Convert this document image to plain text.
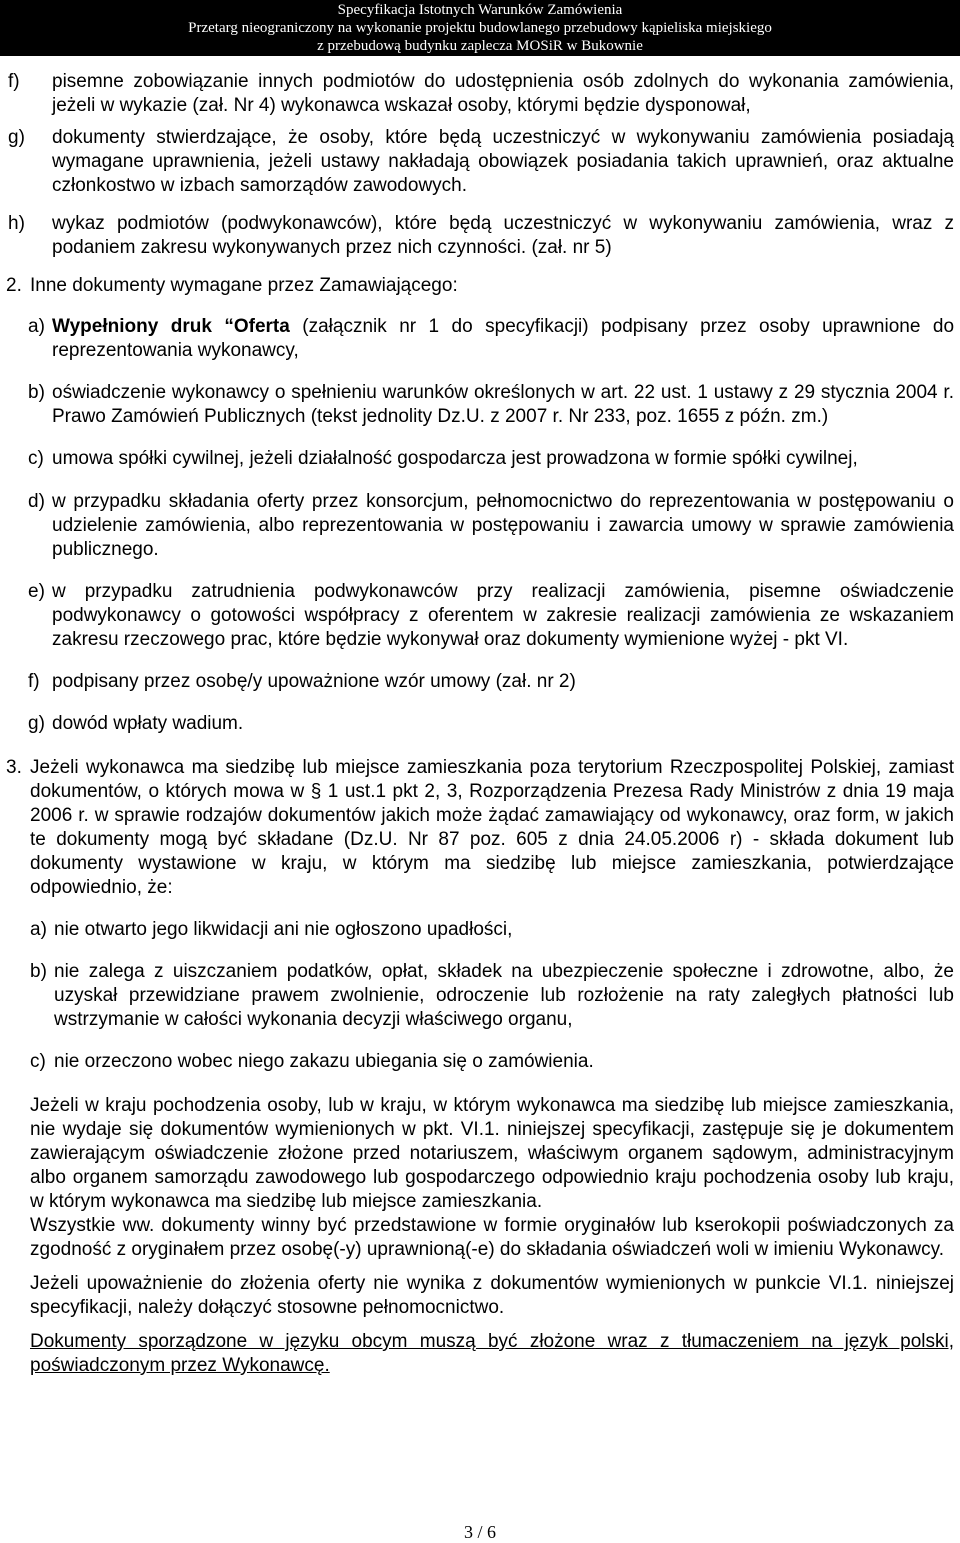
Specyfikacja Istotnych Warunków Zamówienia
Przetarg nieograniczony na wykonanie projektu budowlanego przebudowy kąpieliska miejskiego
z przebudową budynku zaplecza MOSiR w Bukownie
f) pisemne zobowiązanie innych podmiotów do udostępnienia osób zdolnych do wykonania zamówienia, jeżeli w wykazie (zał. Nr 4) wykonawca wskazał osoby, którymi będzie dysponował,
g) dokumenty stwierdzające, że osoby, które będą uczestniczyć w wykonywaniu zamówienia posiadają wymagane uprawnienia, jeżeli ustawy nakładają obowiązek posiadania takich uprawnień, oraz aktualne członkostwo w izbach samorządów zawodowych.
h) wykaz podmiotów (podwykonawców), które będą uczestniczyć w wykonywaniu zamówienia, wraz z podaniem zakresu wykonywanych przez nich czynności. (zał. nr 5)
2. Inne dokumenty wymagane przez Zamawiającego:
a) Wypełniony druk “ Oferta (załącznik nr 1 do specyfikacji) podpisany przez osoby uprawnione do reprezentowania wykonawcy,
b) oświadczenie wykonawcy o spełnieniu warunków określonych w art. 22 ust. 1 ustawy z 29 stycznia 2004 r. Prawo Zamówień Publicznych (tekst jednolity Dz.U. z 2007 r. Nr 233, poz. 1655 z późn. zm.)
c) umowa spółki cywilnej, jeżeli działalność gospodarcza jest prowadzona w formie spółki cywilnej,
d) w przypadku składania oferty przez konsorcjum, pełnomocnictwo do reprezentowania w postępowaniu o udzielenie zamówienia, albo reprezentowania w postępowaniu i zawarcia umowy w sprawie zamówienia publicznego.
e) w przypadku zatrudnienia podwykonawców przy realizacji zamówienia, pisemne oświadczenie podwykonawcy o gotowości współpracy z oferentem w zakresie realizacji zamówienia ze wskazaniem zakresu rzeczowego prac, które będzie wykonywał oraz dokumenty wymienione wyżej - pkt VI.
f) podpisany przez osobę/y upoważnione wzór umowy (zał. nr 2)
g) dowód wpłaty wadium.
3. Jeżeli wykonawca ma siedzibę lub miejsce zamieszkania poza terytorium Rzeczpospolitej Polskiej, zamiast dokumentów, o których mowa w § 1 ust.1 pkt 2, 3, Rozporządzenia Prezesa Rady Ministrów z dnia 19 maja 2006 r. w sprawie rodzajów dokumentów jakich może żądać zamawiający od wykonawcy, oraz form, w jakich te dokumenty mogą być składane (Dz.U. Nr 87 poz. 605 z dnia 24.05.2006 r) - składa dokument lub dokumenty wystawione w kraju, w którym ma siedzibę lub miejsce zamieszkania, potwierdzające odpowiednio, że:
a) nie otwarto jego likwidacji ani nie ogłoszono upadłości,
b) nie zalega z uiszczaniem podatków, opłat, składek na ubezpieczenie społeczne i zdrowotne, albo, że uzyskał przewidziane prawem zwolnienie, odroczenie lub rozłożenie na raty zaległych płatności lub wstrzymanie w całości wykonania decyzji właściwego organu,
c) nie orzeczono wobec niego zakazu ubiegania się o zamówienia.
Jeżeli w kraju pochodzenia osoby, lub w kraju, w którym wykonawca ma siedzibę lub miejsce zamieszkania, nie wydaje się dokumentów wymienionych w pkt. VI.1. niniejszej specyfikacji, zastępuje się je dokumentem zawierającym oświadczenie złożone przed notariuszem, właściwym organem sądowym, administracyjnym albo organem samorządu zawodowego lub gospodarczego odpowiednio kraju pochodzenia osoby lub kraju, w którym wykonawca ma siedzibę lub miejsce zamieszkania.
Wszystkie ww. dokumenty winny być przedstawione w formie oryginałów lub kserokopii poświadczonych za zgodność z oryginałem przez osobę(-y) uprawnioną(-e) do składania oświadczeń woli w imieniu Wykonawcy.
Jeżeli upoważnienie do złożenia oferty nie wynika z dokumentów wymienionych w punkcie VI.1. niniejszej specyfikacji, należy dołączyć stosowne pełnomocnictwo.
Dokumenty sporządzone w języku obcym muszą być złożone wraz z tłumaczeniem na język polski, poświadczonym przez Wykonawcę.
3 / 6
